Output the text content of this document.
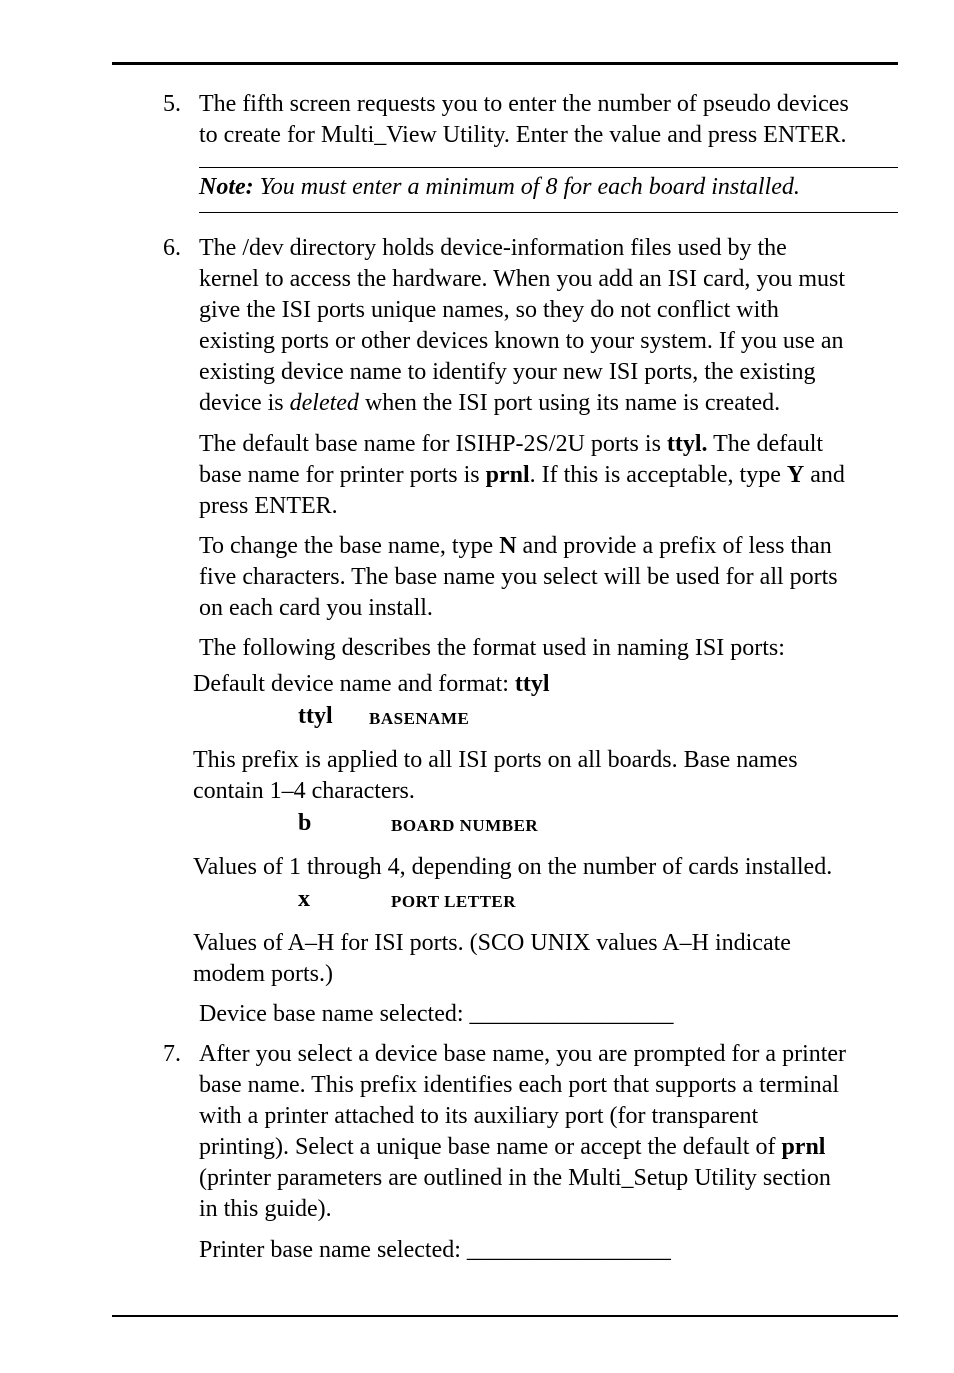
5. The fifth screen requests you to enter the number of pseudo devices
to create for Multi_View Utility. Enter the value and press ENTER.
Note: You must enter a minimum of 8 for each board installed.
6. The /dev directory holds device-information files used by the
kernel to access the hardware. When you add an ISI card, you must
give the ISI ports unique names, so they do not conflict with
existing ports or other devices known to your system. If you use an
existing device name to identify your new ISI ports, the existing
device is deleted when the ISI port using its name is created.
The default base name for ISIHP-2S/2U ports is ttyl. The default
base name for printer ports is prnl. If this is acceptable, type Y and
press ENTER.
To change the base name, type N and provide a prefix of less than
five characters. The base name you select will be used for all ports
on each card you install.
The following describes the format used in naming ISI ports:
Default device name and format: ttyl
ttyl BASENAME
This prefix is applied to all ISI ports on all boards. Base names
contain 1–4 characters.
b	BOARD NUMBER
Values of 1 through 4, depending on the number of cards installed.
x	PORT LETTER
Values of A–H for ISI ports. (SCO UNIX values A–H indicate
modem ports.)
Device base name selected: _________________
7. After you select a device base name, you are prompted for a printer
base name. This prefix identifies each port that supports a terminal
with a printer attached to its auxiliary port (for transparent
printing). Select a unique base name or accept the default of prnl
(printer parameters are outlined in the Multi_Setup Utility section
in this guide).
Printer base name selected: _________________
